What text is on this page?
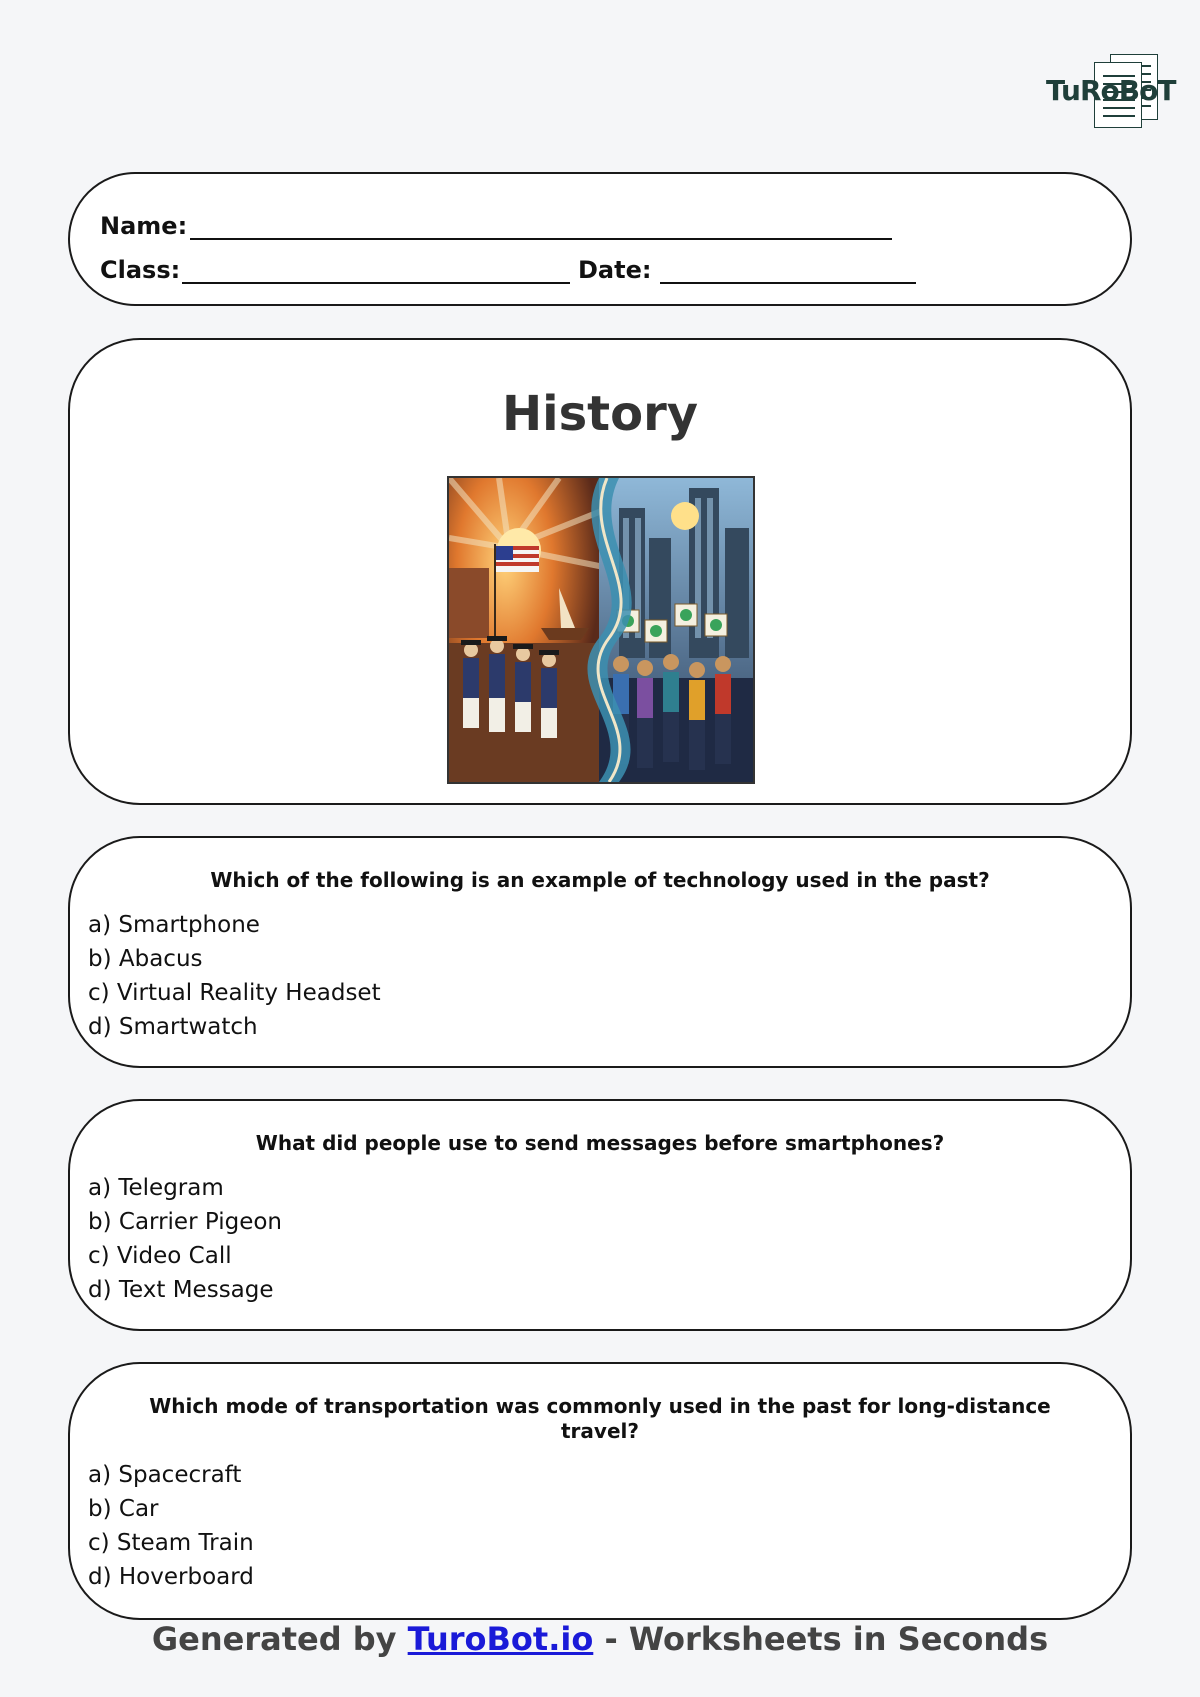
TuRoBoT
Name:
Class:	Date:
History
Which of the following is an example of technology used in the past?
a) Smartphone
b) Abacus
c) Virtual Reality Headset
d) Smartwatch
What did people use to send messages before smartphones?
a) Telegram
b) Carrier Pigeon
c) Video Call
d) Text Message
Which mode of transportation was commonly used in the past for long-distance travel?
a) Spacecraft
b) Car
c) Steam Train
d) Hoverboard
Generated by TuroBot.io - Worksheets in Seconds
